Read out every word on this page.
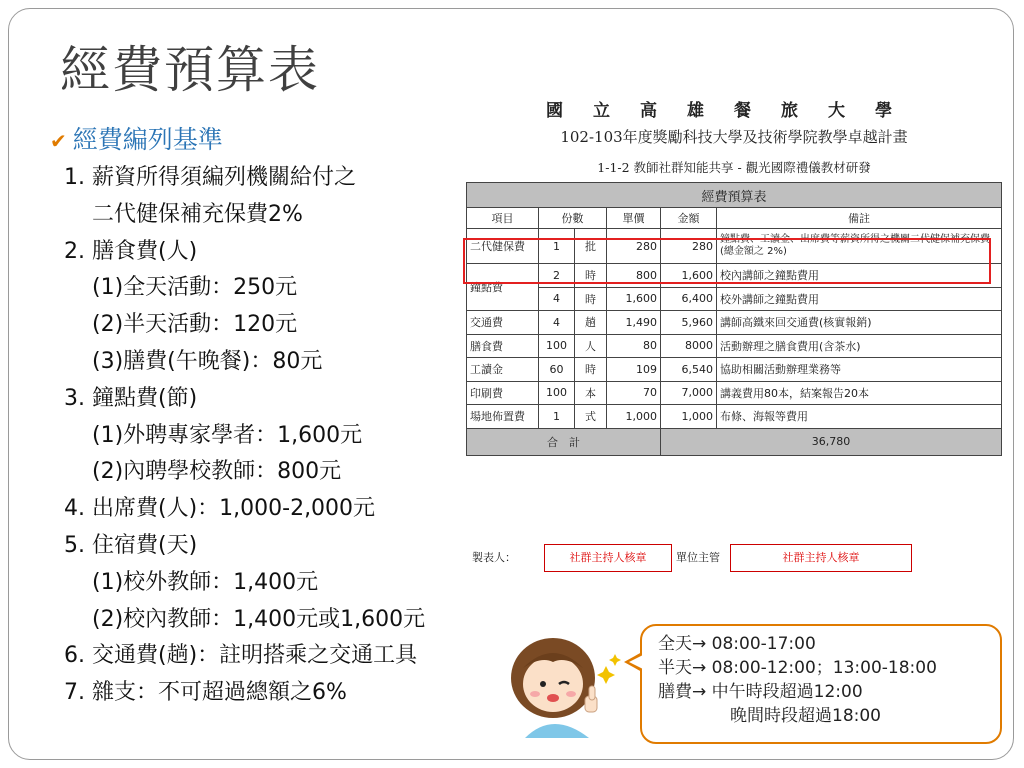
經費預算表
✔ 經費編列基準
1. 薪資所得須編列機關給付之
二代健保補充保費2%
2. 膳食費(人)
(1)全天活動：250元
(2)半天活動：120元
(3)膳費(午晚餐)：80元
3. 鐘點費(節)
(1)外聘專家學者：1,600元
(2)內聘學校教師：800元
4. 出席費(人)：1,000-2,000元
5. 住宿費(天)
(1)校外教師：1,400元
(2)校內教師：1,400元或1,600元
6. 交通費(趟)：註明搭乘之交通工具
7. 雜支：不可超過總額之6%
國立高雄餐旅大學
102-103年度獎勵科技大學及技術學院教學卓越計畫
1-1-2 教師社群知能共享 - 觀光國際禮儀教材研發
經費預算表					
項目	份數		單價	金額	備註
二代健保費	1	批	280	280	鐘點費、工讀金、出席費等薪資所得之機關二代健保補充保費(總金額之 2%)
鐘點費	2	時	800	1,600	校內講師之鐘點費用
	4	時	1,600	6,400	校外講師之鐘點費用
交通費	4	趟	1,490	5,960	講師高鐵來回交通費(核實報銷)
膳食費	100	人	80	8000	活動辦理之膳食費用(含茶水)
工讀金	60	時	109	6,540	協助相關活動辦理業務等
印刷費	100	本	70	7,000	講義費用80本，結案報告20本
場地佈置費	1	式	1,000	1,000	布條、海報等費用
合　計				36,780	
製表人：	社群主持人核章	單位主管	社群主持人核章
全天→ 08:00-17:00
半天→ 08:00-12:00；13:00-18:00
膳費→ 中午時段超過12:00
晚間時段超過18:00
